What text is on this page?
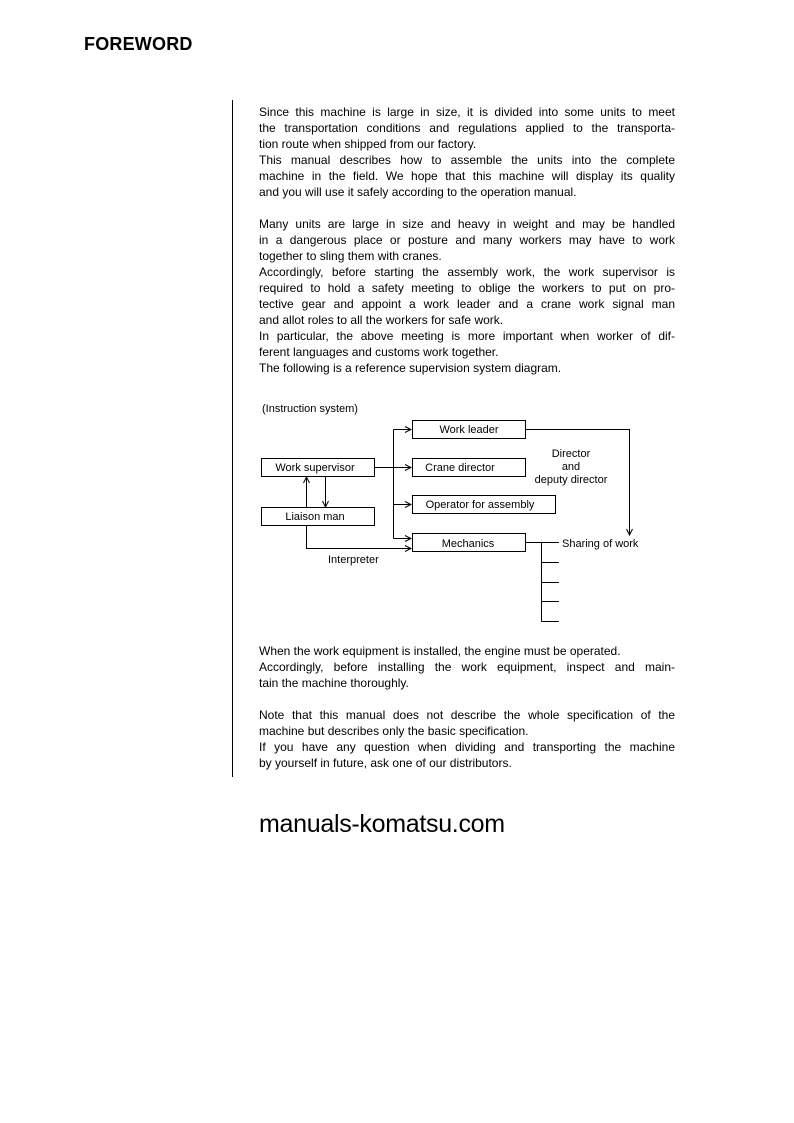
FOREWORD
Since this machine is large in size, it is divided into some units to meet
the transportation conditions and regulations applied to the transporta-
tion route when shipped from our factory.
This manual describes how to assemble the units into the complete
machine in the field. We hope that this machine will display its quality
and you will use it safely according to the operation manual.
Many units are large in size and heavy in weight and may be handled
in a dangerous place or posture and many workers may have to work
together to sling them with cranes.
Accordingly, before starting the assembly work, the work supervisor is
required to hold a safety meeting to oblige the workers to put on pro-
tective gear and appoint a work leader and a crane work signal man
and allot roles to all the workers for safe work.
In particular, the above meeting is more important when worker of dif-
ferent languages and customs work together.
The following is a reference supervision system diagram.
(Instruction system)
Work leader
Crane director
Operator for assembly
Mechanics
Work supervisor
Liaison man
Interpreter
Director
and
deputy director
Sharing of work
When the work equipment is installed, the engine must be operated.
Accordingly, before installing the work equipment, inspect and main-
tain the machine thoroughly.
Note that this manual does not describe the whole specification of the
machine but describes only the basic specification.
If you have any question when dividing and transporting the machine
by yourself in future, ask one of our distributors.
manuals-komatsu.com
